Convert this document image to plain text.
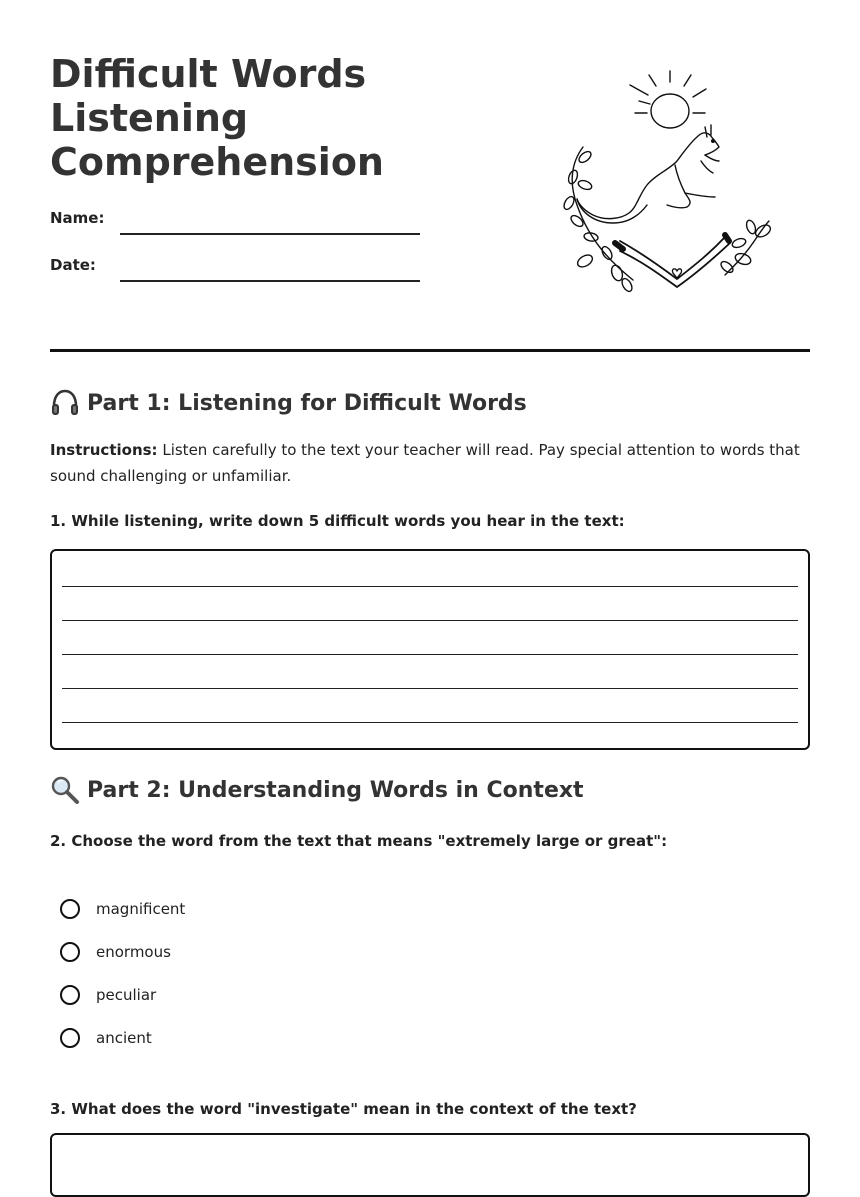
Difficult Words
Listening
Comprehension
Name:
Date:
Part 1: Listening for Difficult Words

Instructions: Listen carefully to the text your teacher will read. Pay special attention to words that sound challenging or unfamiliar.

1. While listening, write down 5 difficult words you hear in the text:

Part 2: Understanding Words in Context

2. Choose the word from the text that means "extremely large or great":

magnificent
enormous
peculiar
ancient

3. What does the word "investigate" mean in the context of the text?
